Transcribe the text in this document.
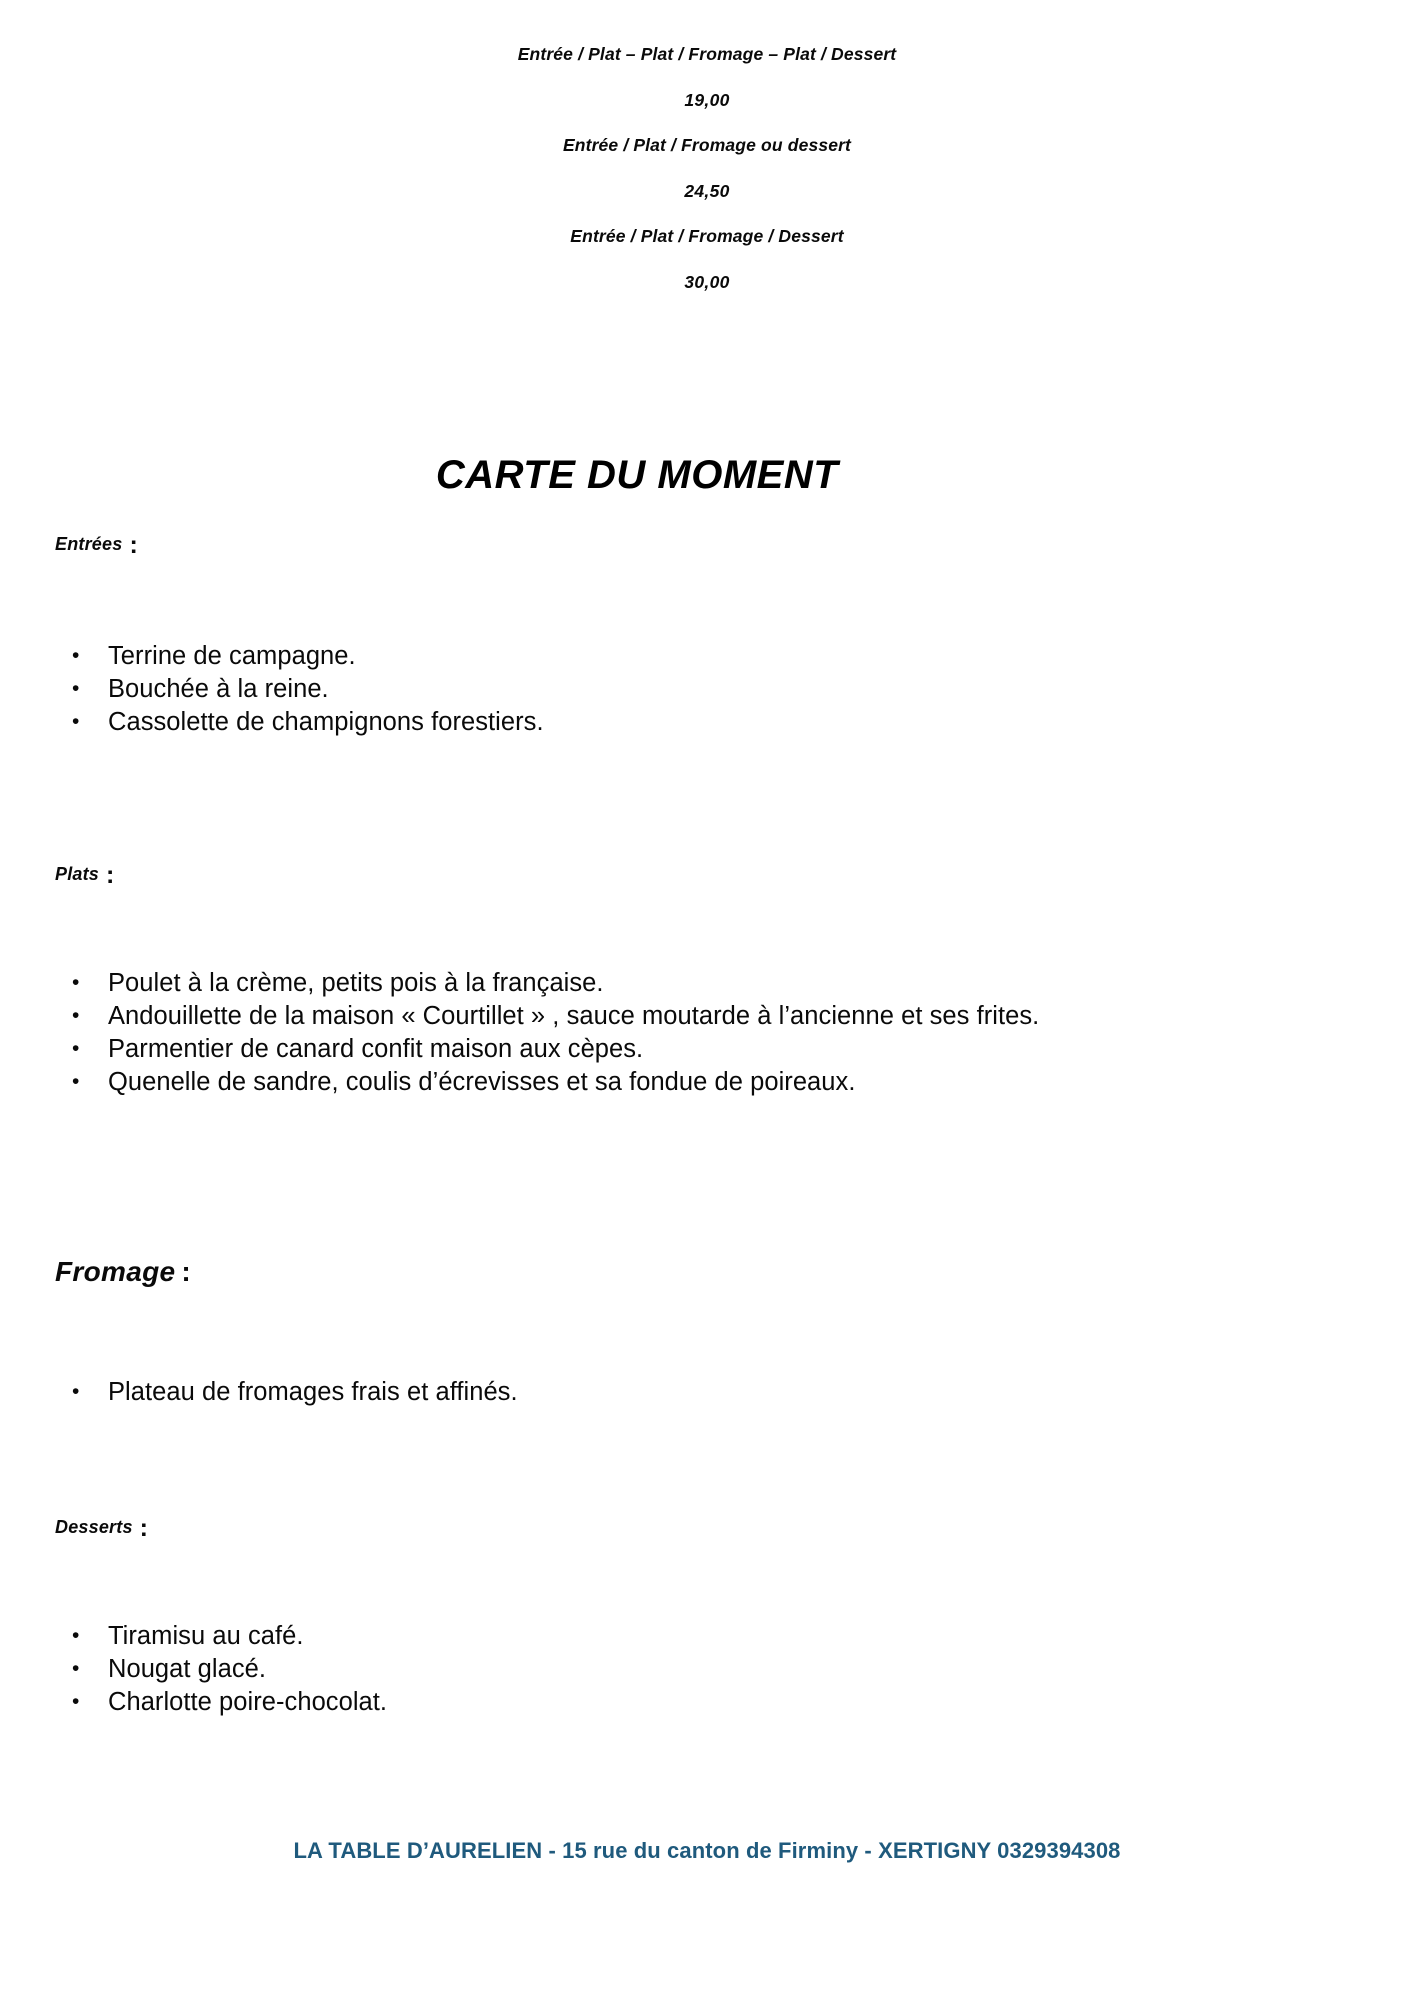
Entrée / Plat – Plat / Fromage – Plat / Dessert
19,00
Entrée / Plat / Fromage ou dessert
24,50
Entrée / Plat / Fromage / Dessert
30,00
CARTE DU MOMENT
Entrées :
• Terrine de campagne.
• Bouchée à la reine.
• Cassolette de champignons forestiers.
Plats :
• Poulet à la crème, petits pois à la française.
• Andouillette de la maison « Courtillet » , sauce moutarde à l’ancienne et ses frites.
• Parmentier de canard confit maison aux cèpes.
• Quenelle de sandre, coulis d’écrevisses et sa fondue de poireaux.
Fromage :
• Plateau de fromages frais et affinés.
Desserts :
• Tiramisu au café.
• Nougat glacé.
• Charlotte poire-chocolat.
LA TABLE D’AURELIEN - 15 rue du canton de Firminy - XERTIGNY 0329394308
